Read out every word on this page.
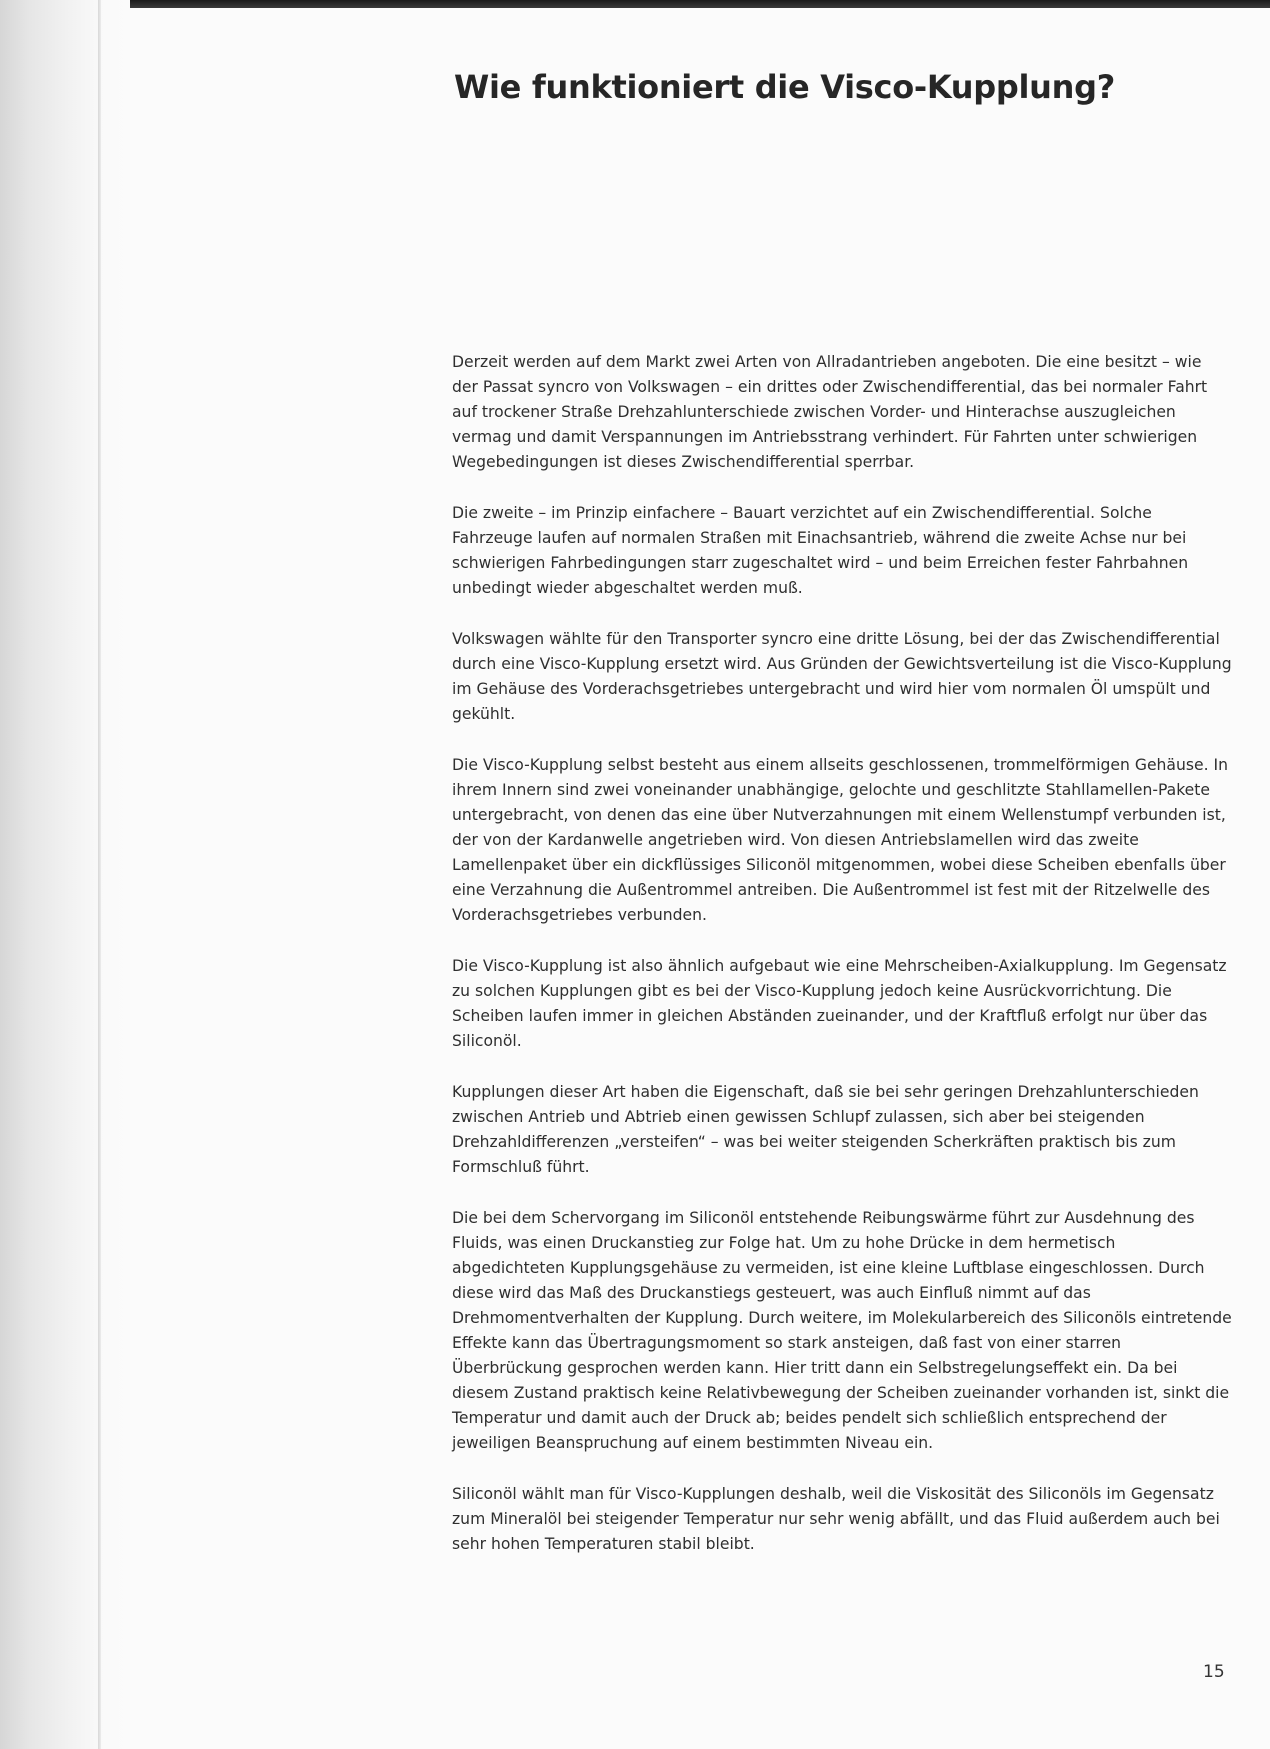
Wie funktioniert die Visco-Kupplung?

Derzeit werden auf dem Markt zwei Arten von Allradantrieben angeboten. Die eine besitzt – wie der Passat syncro von Volkswagen – ein drittes oder Zwischendifferential, das bei normaler Fahrt auf trockener Straße Drehzahlunterschiede zwischen Vorder- und Hinterachse auszugleichen vermag und damit Verspannungen im Antriebsstrang verhindert. Für Fahrten unter schwierigen Wegebedingungen ist dieses Zwischendifferential sperrbar.

Die zweite – im Prinzip einfachere – Bauart verzichtet auf ein Zwischendifferential. Solche Fahrzeuge laufen auf normalen Straßen mit Einachsantrieb, während die zweite Achse nur bei schwierigen Fahrbedingungen starr zugeschaltet wird – und beim Erreichen fester Fahrbahnen unbedingt wieder abgeschaltet werden muß.

Volkswagen wählte für den Transporter syncro eine dritte Lösung, bei der das Zwischendifferential durch eine Visco-Kupplung ersetzt wird. Aus Gründen der Gewichtsverteilung ist die Visco-Kupplung im Gehäuse des Vorderachsgetriebes untergebracht und wird hier vom normalen Öl umspült und gekühlt.

Die Visco-Kupplung selbst besteht aus einem allseits geschlossenen, trommelförmigen Gehäuse. In ihrem Innern sind zwei voneinander unabhängige, gelochte und geschlitzte Stahllamellen-Pakete untergebracht, von denen das eine über Nutverzahnungen mit einem Wellenstumpf verbunden ist, der von der Kardanwelle angetrieben wird. Von diesen Antriebslamellen wird das zweite Lamellenpaket über ein dickflüssiges Siliconöl mitgenommen, wobei diese Scheiben ebenfalls über eine Verzahnung die Außentrommel antreiben. Die Außentrommel ist fest mit der Ritzelwelle des Vorderachsgetriebes verbunden.

Die Visco-Kupplung ist also ähnlich aufgebaut wie eine Mehrscheiben-Axialkupplung. Im Gegensatz zu solchen Kupplungen gibt es bei der Visco-Kupplung jedoch keine Ausrückvorrichtung. Die Scheiben laufen immer in gleichen Abständen zueinander, und der Kraftfluß erfolgt nur über das Siliconöl.

Kupplungen dieser Art haben die Eigenschaft, daß sie bei sehr geringen Drehzahlunterschieden zwischen Antrieb und Abtrieb einen gewissen Schlupf zulassen, sich aber bei steigenden Drehzahldifferenzen „versteifen“ – was bei weiter steigenden Scherkräften praktisch bis zum Formschluß führt.

Die bei dem Schervorgang im Siliconöl entstehende Reibungswärme führt zur Ausdehnung des Fluids, was einen Druckanstieg zur Folge hat. Um zu hohe Drücke in dem hermetisch abgedichteten Kupplungsgehäuse zu vermeiden, ist eine kleine Luftblase eingeschlossen. Durch diese wird das Maß des Druckanstiegs gesteuert, was auch Einfluß nimmt auf das Drehmomentverhalten der Kupplung. Durch weitere, im Molekularbereich des Siliconöls eintretende Effekte kann das Übertragungsmoment so stark ansteigen, daß fast von einer starren Überbrückung gesprochen werden kann. Hier tritt dann ein Selbstregelungseffekt ein. Da bei diesem Zustand praktisch keine Relativbewegung der Scheiben zueinander vorhanden ist, sinkt die Temperatur und damit auch der Druck ab; beides pendelt sich schließlich entsprechend der jeweiligen Beanspruchung auf einem bestimmten Niveau ein.

Siliconöl wählt man für Visco-Kupplungen deshalb, weil die Viskosität des Siliconöls im Gegensatz zum Mineralöl bei steigender Temperatur nur sehr wenig abfällt, und das Fluid außerdem auch bei sehr hohen Temperaturen stabil bleibt.

15
